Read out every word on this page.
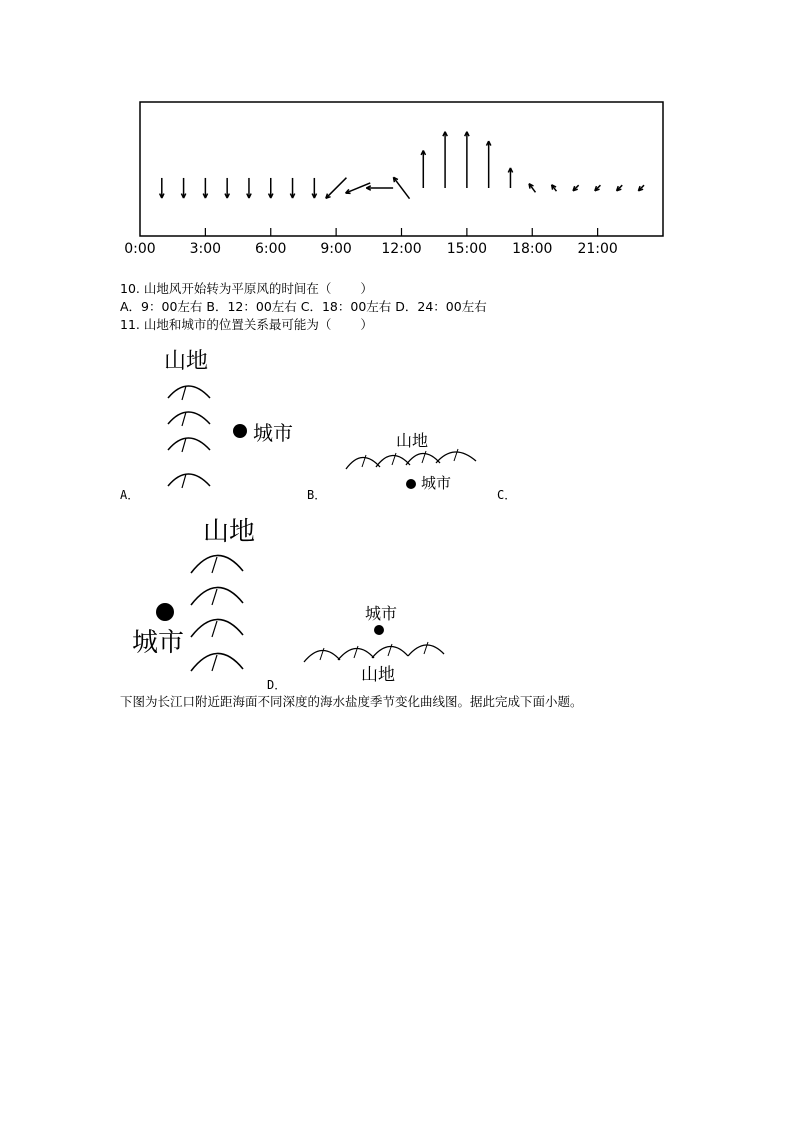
0:00 3:00 6:00 9:00 12:00 15:00 18:00 21:00
10. 山地风开始转为平原风的时间在（　　 ）
A．9：00左右 B．12：00左右 C．18：00左右 D．24：00左右
11. 山地和城市的位置关系最可能为（　　 ）
山地
城市
A．
山地
城市
B．	C．
山地
城市
城市
山地
D．
下图为长江口附近距海面不同深度的海水盐度季节变化曲线图。据此完成下面小题。
